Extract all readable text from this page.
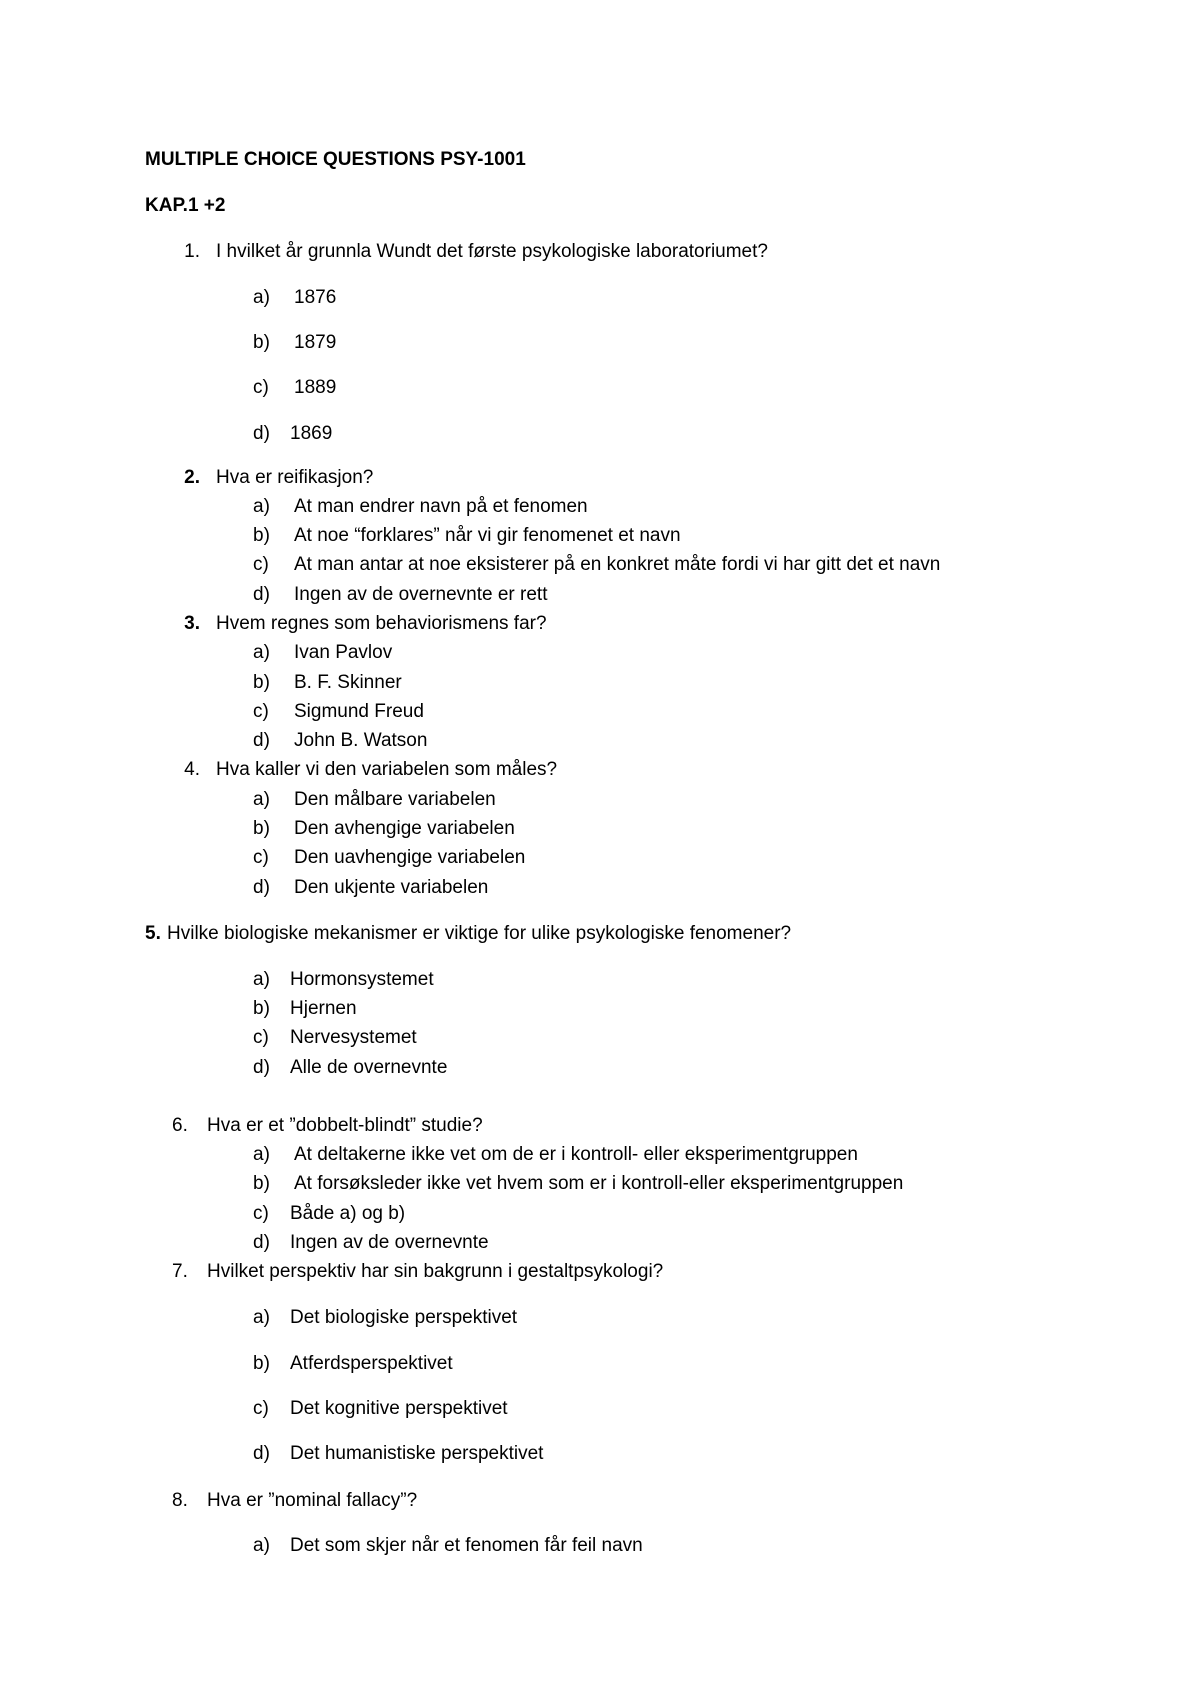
MULTIPLE CHOICE QUESTIONS PSY-1001
KAP.1 +2
1. I hvilket år grunnla Wundt det første psykologiske laboratoriumet?
a) 1876
b) 1879
c) 1889
d) 1869
2. Hva er reifikasjon?
a) At man endrer navn på et fenomen
b) At noe “forklares” når vi gir fenomenet et navn
c) At man antar at noe eksisterer på en konkret måte fordi vi har gitt det et navn
d) Ingen av de overnevnte er rett
3. Hvem regnes som behaviorismens far?
a) Ivan Pavlov
b) B. F. Skinner
c) Sigmund Freud
d) John B. Watson
4. Hva kaller vi den variabelen som måles?
a) Den målbare variabelen
b) Den avhengige variabelen
c) Den uavhengige variabelen
d) Den ukjente variabelen
5. Hvilke biologiske mekanismer er viktige for ulike psykologiske fenomener?
a) Hormonsystemet
b) Hjernen
c) Nervesystemet
d) Alle de overnevnte
6. Hva er et ”dobbelt-blindt” studie?
a) At deltakerne ikke vet om de er i kontroll- eller eksperimentgruppen
b) At forsøksleder ikke vet hvem som er i kontroll-eller eksperimentgruppen
c) Både a) og b)
d) Ingen av de overnevnte
7. Hvilket perspektiv har sin bakgrunn i gestaltpsykologi?
a) Det biologiske perspektivet
b) Atferdsperspektivet
c) Det kognitive perspektivet
d) Det humanistiske perspektivet
8. Hva er ”nominal fallacy”?
a) Det som skjer når et fenomen får feil navn
